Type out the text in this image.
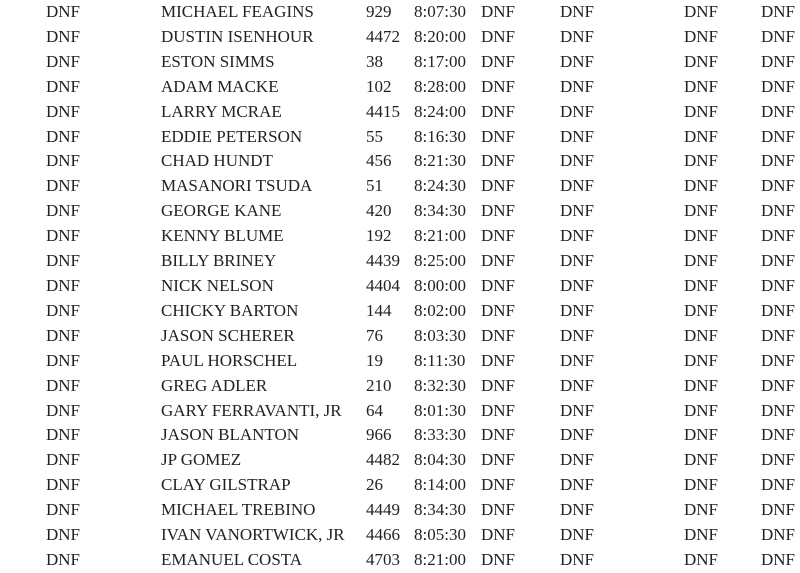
DNF	MICHAEL FEAGINS	929	8:07:30	DNF	DNF	DNF	DNF
DNF	DUSTIN ISENHOUR	4472	8:20:00	DNF	DNF	DNF	DNF
DNF	ESTON SIMMS	38	8:17:00	DNF	DNF	DNF	DNF
DNF	ADAM MACKE	102	8:28:00	DNF	DNF	DNF	DNF
DNF	LARRY MCRAE	4415	8:24:00	DNF	DNF	DNF	DNF
DNF	EDDIE PETERSON	55	8:16:30	DNF	DNF	DNF	DNF
DNF	CHAD HUNDT	456	8:21:30	DNF	DNF	DNF	DNF
DNF	MASANORI TSUDA	51	8:24:30	DNF	DNF	DNF	DNF
DNF	GEORGE KANE	420	8:34:30	DNF	DNF	DNF	DNF
DNF	KENNY BLUME	192	8:21:00	DNF	DNF	DNF	DNF
DNF	BILLY BRINEY	4439	8:25:00	DNF	DNF	DNF	DNF
DNF	NICK NELSON	4404	8:00:00	DNF	DNF	DNF	DNF
DNF	CHICKY BARTON	144	8:02:00	DNF	DNF	DNF	DNF
DNF	JASON SCHERER	76	8:03:30	DNF	DNF	DNF	DNF
DNF	PAUL HORSCHEL	19	8:11:30	DNF	DNF	DNF	DNF
DNF	GREG ADLER	210	8:32:30	DNF	DNF	DNF	DNF
DNF	GARY FERRAVANTI, JR	64	8:01:30	DNF	DNF	DNF	DNF
DNF	JASON BLANTON	966	8:33:30	DNF	DNF	DNF	DNF
DNF	JP GOMEZ	4482	8:04:30	DNF	DNF	DNF	DNF
DNF	CLAY GILSTRAP	26	8:14:00	DNF	DNF	DNF	DNF
DNF	MICHAEL TREBINO	4449	8:34:30	DNF	DNF	DNF	DNF
DNF	IVAN VANORTWICK, JR	4466	8:05:30	DNF	DNF	DNF	DNF
DNF	EMANUEL COSTA	4703	8:21:00	DNF	DNF	DNF	DNF
